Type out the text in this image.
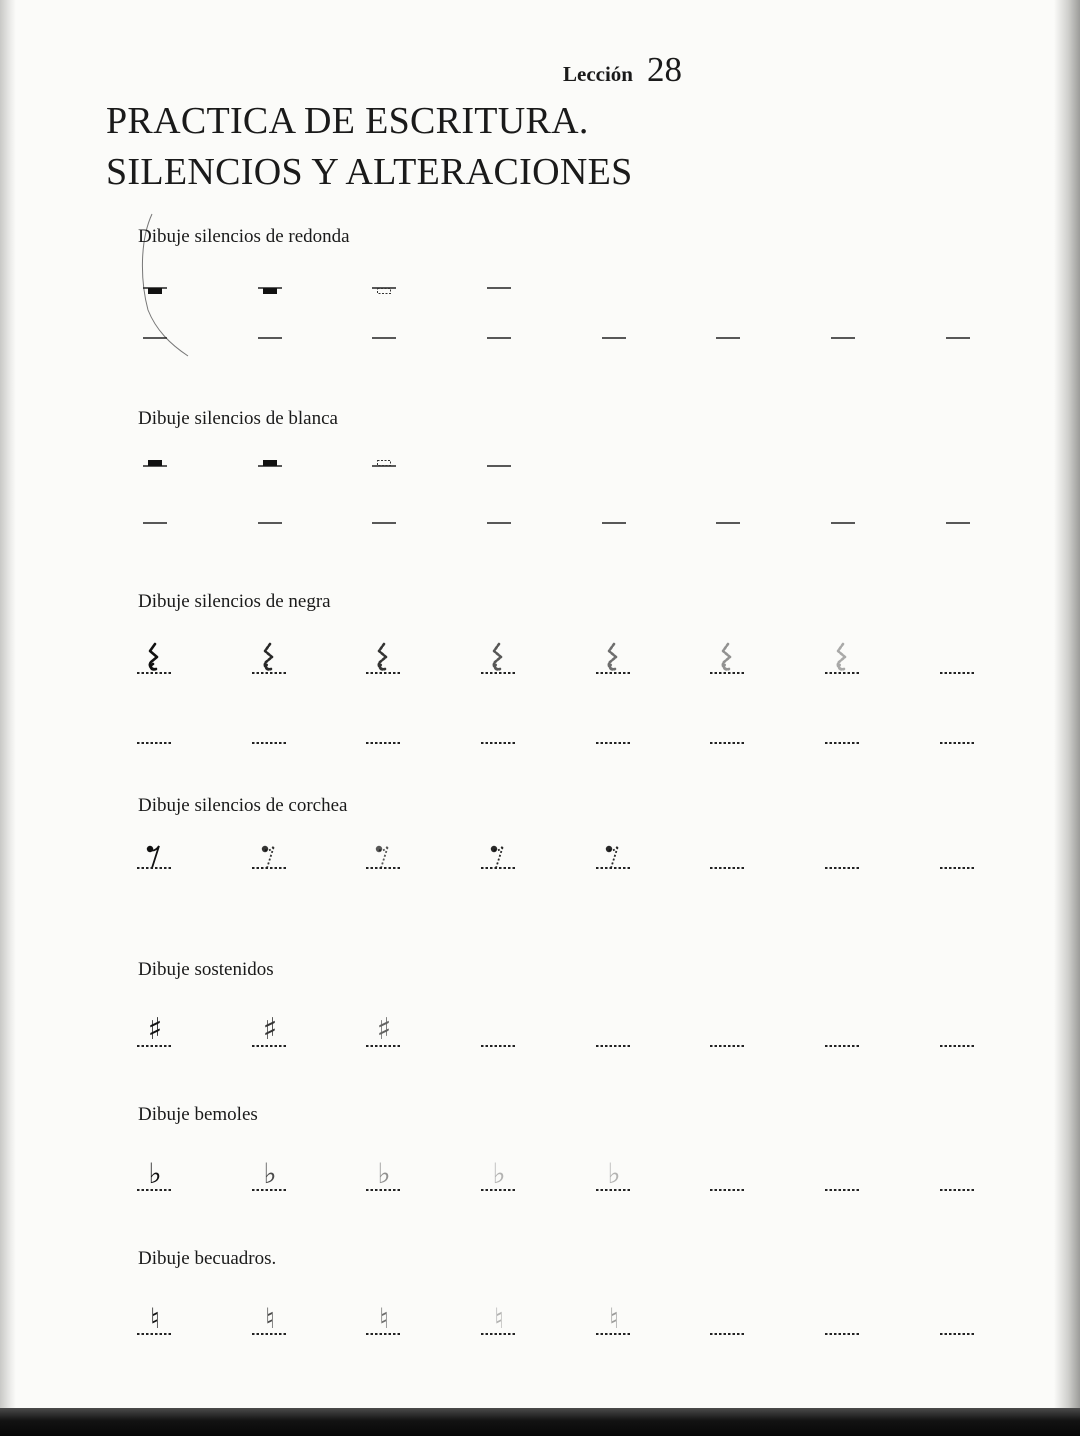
Lección 28
PRACTICA DE ESCRITURA.
SILENCIOS Y ALTERACIONES
Dibuje silencios de redonda
Dibuje silencios de blanca
Dibuje silencios de negra
Dibuje silencios de corchea
Dibuje sostenidos
♯	♯	♯
Dibuje bemoles
♭	♭	♭	♭	♭
Dibuje becuadros.
♮	♮	♮	♮	♮
